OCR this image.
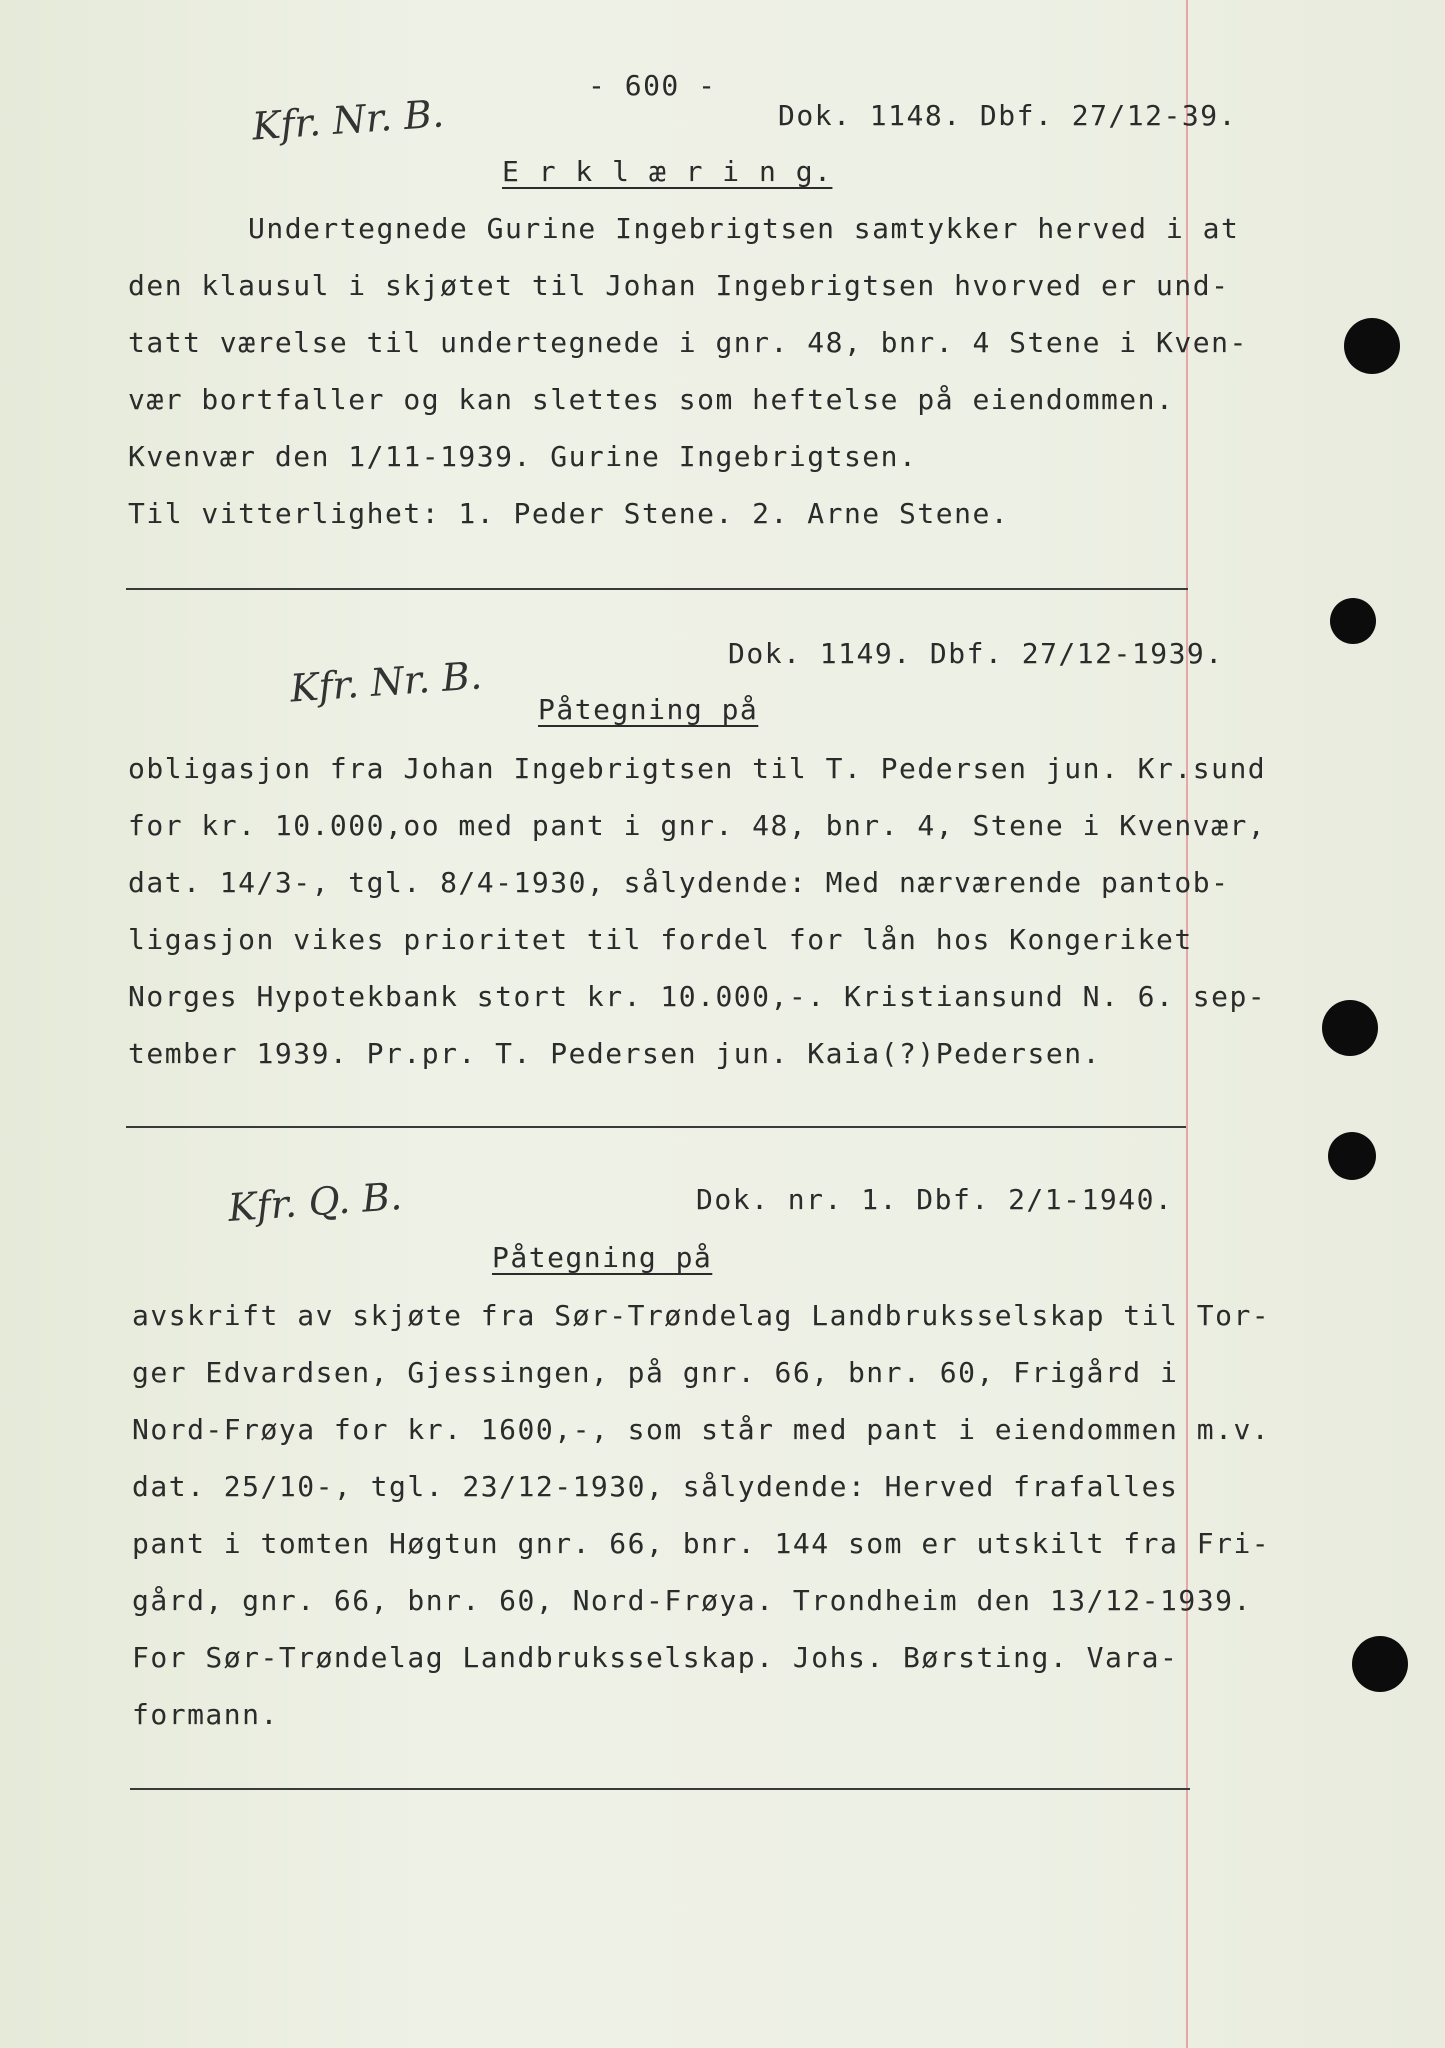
- 600 -
Kfr. Nr. B.	Dok. 1148. Dbf. 27/12-39.
E r k l æ r i n g.
Undertegnede Gurine Ingebrigtsen samtykker herved i at
den klausul i skjøtet til Johan Ingebrigtsen hvorved er und-
tatt værelse til undertegnede i gnr. 48, bnr. 4 Stene i Kven-
vær bortfaller og kan slettes som heftelse på eiendommen.
Kvenvær den 1/11-1939. Gurine Ingebrigtsen.
Til vitterlighet: 1. Peder Stene. 2. Arne Stene.
Kfr. Nr. B.	Dok. 1149. Dbf. 27/12-1939.
Påtegning på
obligasjon fra Johan Ingebrigtsen til T. Pedersen jun. Kr.sund
for kr. 10.000,oo med pant i gnr. 48, bnr. 4, Stene i Kvenvær,
dat. 14/3-, tgl. 8/4-1930, sålydende: Med nærværende pantob-
ligasjon vikes prioritet til fordel for lån hos Kongeriket
Norges Hypotekbank stort kr. 10.000,-. Kristiansund N. 6. sep-
tember 1939. Pr.pr. T. Pedersen jun. Kaia(?)Pedersen.
Kfr. Q. B.	Dok. nr. 1. Dbf. 2/1-1940.
Påtegning på
avskrift av skjøte fra Sør-Trøndelag Landbruksselskap til Tor-
ger Edvardsen, Gjessingen, på gnr. 66, bnr. 60, Frigård i
Nord-Frøya for kr. 1600,-, som står med pant i eiendommen m.v.
dat. 25/10-, tgl. 23/12-1930, sålydende: Herved frafalles
pant i tomten Høgtun gnr. 66, bnr. 144 som er utskilt fra Fri-
gård, gnr. 66, bnr. 60, Nord-Frøya. Trondheim den 13/12-1939.
For Sør-Trøndelag Landbruksselskap. Johs. Børsting. Vara-
formann.
